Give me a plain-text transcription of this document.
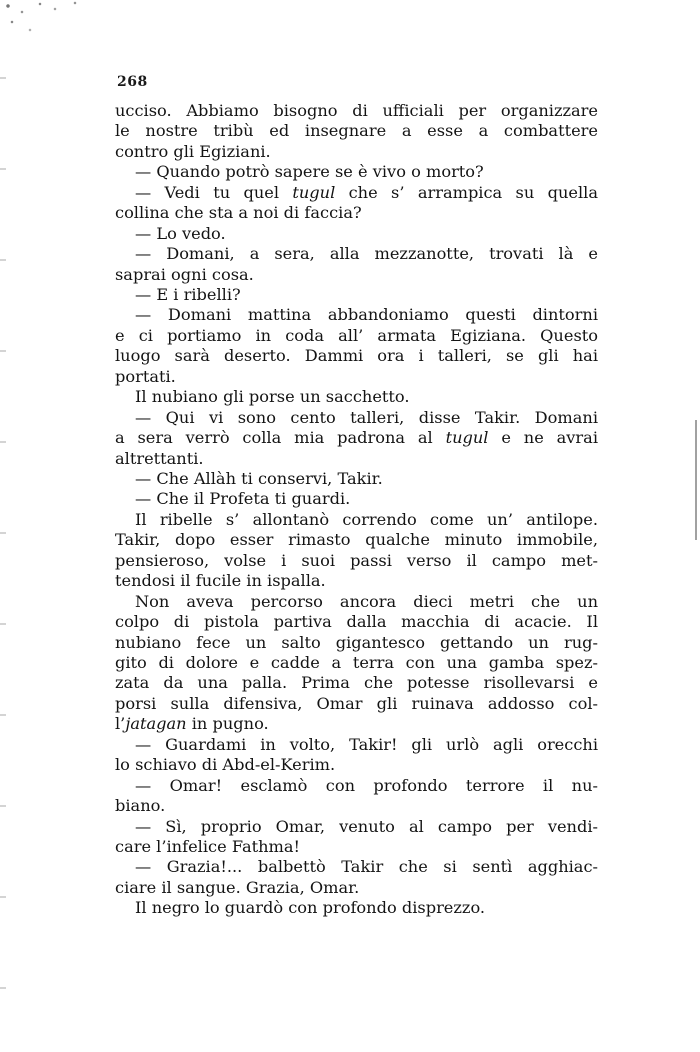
268
ucciso. Abbiamo bisogno di ufficiali per organizzare
le nostre tribù ed insegnare a esse a combattere
contro gli Egiziani.
— Quando potrò sapere se è vivo o morto?
— Vedi tu quel tugul che s’ arrampica su quella
collina che sta a noi di faccia?
— Lo vedo.
— Domani, a sera, alla mezzanotte, trovati là e
saprai ogni cosa.
— E i ribelli?
— Domani mattina abbandoniamo questi dintorni
e ci portiamo in coda all’ armata Egiziana. Questo
luogo sarà deserto. Dammi ora i talleri, se gli hai
portati.
Il nubiano gli porse un sacchetto.
— Qui vi sono cento talleri, disse Takir. Domani
a sera verrò colla mia padrona al tugul e ne avrai
altrettanti.
— Che Allàh ti conservi, Takir.
— Che il Profeta ti guardi.
Il ribelle s’ allontanò correndo come un’ antilope.
Takir, dopo esser rimasto qualche minuto immobile,
pensieroso, volse i suoi passi verso il campo met-
tendosi il fucile in ispalla.
Non aveva percorso ancora dieci metri che un
colpo di pistola partiva dalla macchia di acacie. Il
nubiano fece un salto gigantesco gettando un rug-
gito di dolore e cadde a terra con una gamba spez-
zata da una palla. Prima che potesse risollevarsi e
porsi sulla difensiva, Omar gli ruinava addosso col-
l’jatagan in pugno.
— Guardami in volto, Takir! gli urlò agli orecchi
lo schiavo di Abd-el-Kerim.
— Omar! esclamò con profondo terrore il nu-
biano.
— Sì, proprio Omar, venuto al campo per vendi-
care l’infelice Fathma!
— Grazia!... balbettò Takir che si sentì agghiac-
ciare il sangue. Grazia, Omar.
Il negro lo guardò con profondo disprezzo.
